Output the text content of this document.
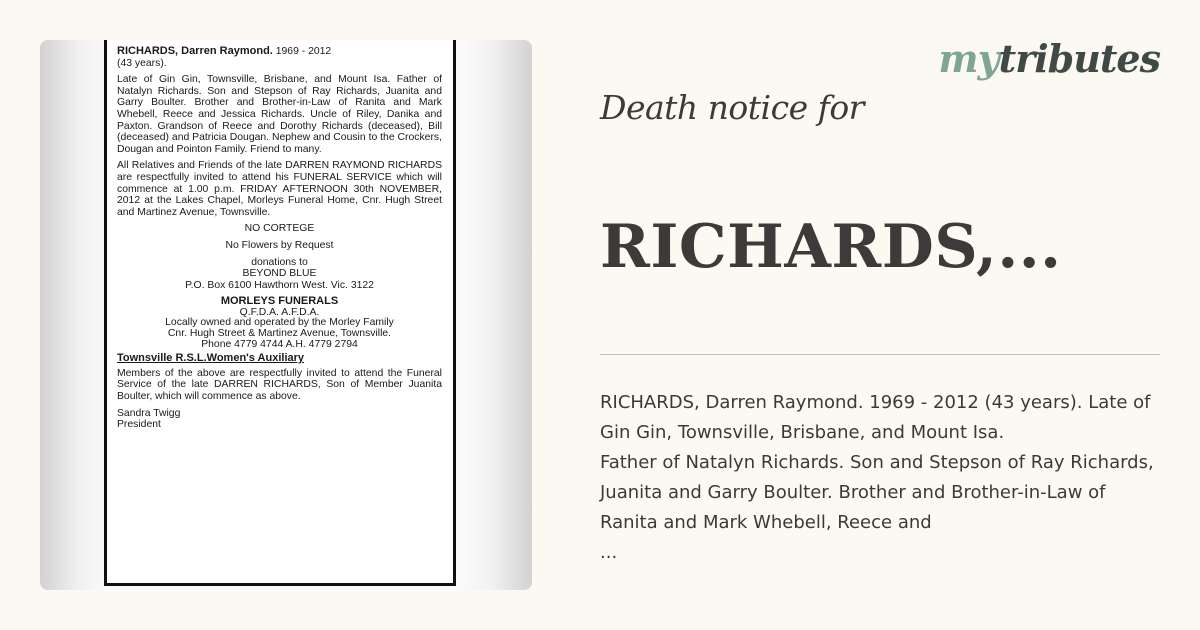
RICHARDS, Darren Raymond. 1969 - 2012

(43 years).

Late of Gin Gin, Townsville, Brisbane, and Mount Isa. Father of Natalyn Richards. Son and Stepson of Ray Richards, Juanita and Garry Boulter. Brother and Brother-in-Law of Ranita and Mark Whebell, Reece and Jessica Richards. Uncle of Riley, Danika and Paxton. Grandson of Reece and Dorothy Richards (deceased), Bill (deceased) and Patricia Dougan. Nephew and Cousin to the Crockers, Dougan and Pointon Family. Friend to many.

All Relatives and Friends of the late DARREN RAYMOND RICHARDS are respectfully invited to attend his FUNERAL SERVICE which will commence at 1.00 p.m. FRIDAY AFTERNOON 30th NOVEMBER, 2012 at the Lakes Chapel, Morleys Funeral Home, Cnr. Hugh Street and Martinez Avenue, Townsville.

NO CORTEGE

No Flowers by Request

donations to

BEYOND BLUE

P.O. Box 6100 Hawthorn West. Vic. 3122

MORLEYS FUNERALS

Q.F.D.A. A.F.D.A.

Locally owned and operated by the Morley Family

Cnr. Hugh Street & Martinez Avenue, Townsville.

Phone 4779 4744 A.H. 4779 2794

Townsville R.S.L.Women's Auxiliary

Members of the above are respectfully invited to attend the Funeral Service of the late DARREN RICHARDS, Son of Member Juanita Boulter, which will commence as above.

Sandra Twigg

President

mytributes
Death notice for
RICHARDS,...
RICHARDS, Darren Raymond. 1969 - 2012 (43 years). Late of Gin Gin, Townsville, Brisbane, and Mount Isa.
Father of Natalyn Richards. Son and Stepson of Ray Richards, Juanita and Garry Boulter. Brother and Brother-in-Law of Ranita and Mark Whebell, Reece and
...
